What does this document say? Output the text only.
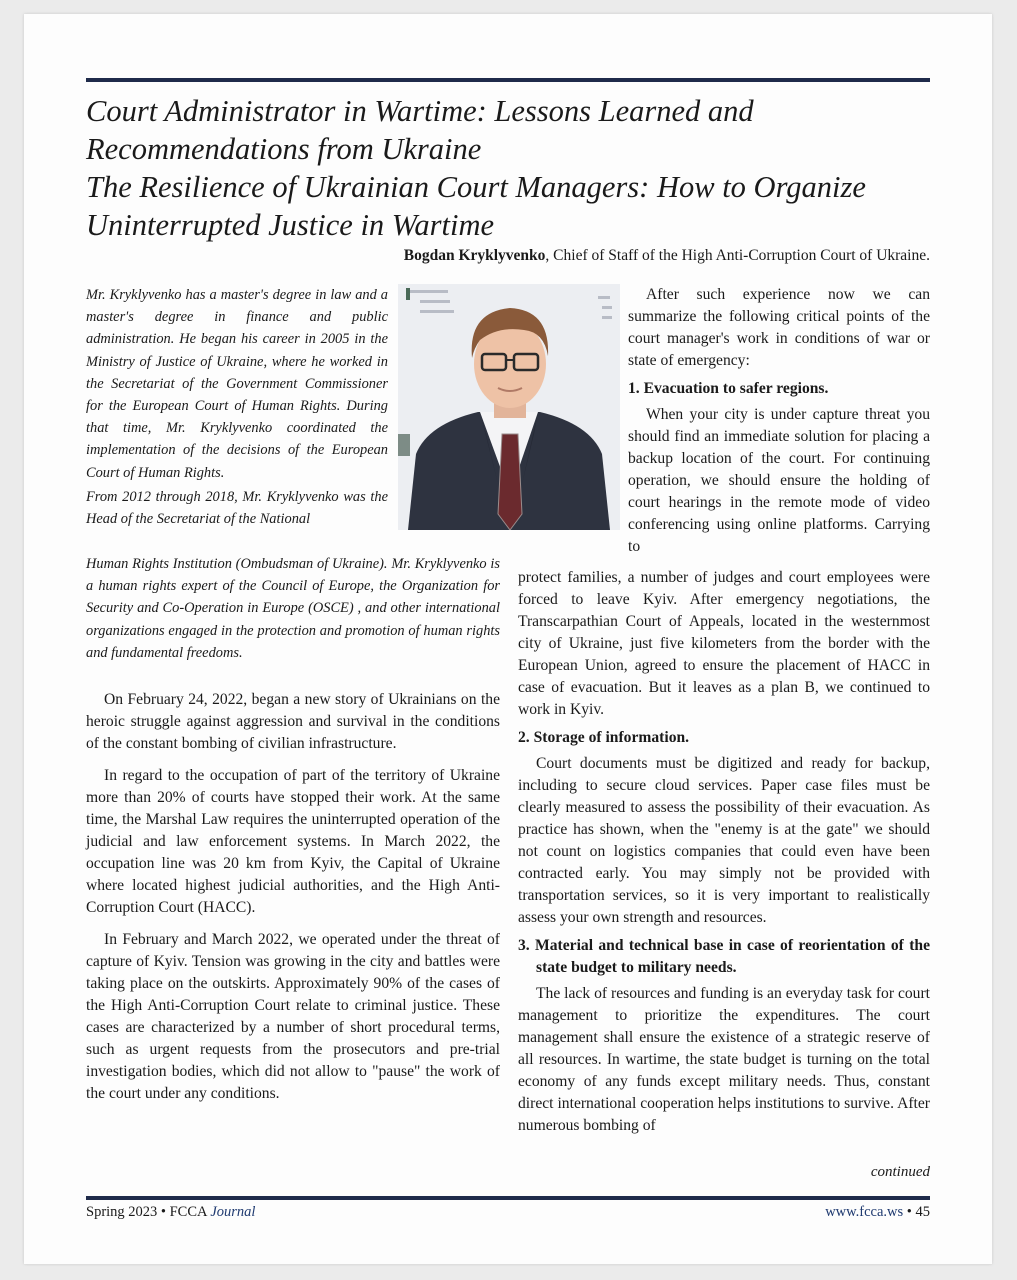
Court Administrator in Wartime: Lessons Learned and
Recommendations from Ukraine
The Resilience of Ukrainian Court Managers: How to Organize
Uninterrupted Justice in Wartime
Bogdan Kryklyvenko, Chief of Staff of the High Anti-Corruption Court of Ukraine.

Mr. Kryklyvenko has a master's degree in law and a master's degree in finance and public administration. He began his career in 2005 in the Ministry of Justice of Ukraine, where he worked in the Secretariat of the Government Commissioner for the European Court of Human Rights. During that time, Mr. Kryklyvenko coordinated the implementation of the decisions of the European Court of Human Rights.

From 2012 through 2018, Mr. Kryklyvenko was the Head of the Secretariat of the National

Human Rights Institution (Ombudsman of Ukraine). Mr. Kryklyvenko is a human rights expert of the Council of Europe, the Organization for Security and Co-Operation in Europe (OSCE) , and other international organizations engaged in the protection and promotion of human rights and fundamental freedoms.

On February 24, 2022, began a new story of Ukrainians on the heroic struggle against aggression and survival in the conditions of the constant bombing of civilian infrastructure.

In regard to the occupation of part of the territory of Ukraine more than 20% of courts have stopped their work. At the same time, the Marshal Law requires the uninterrupted operation of the judicial and law enforcement systems. In March 2022, the occupation line was 20 km from Kyiv, the Capital of Ukraine where located highest judicial authorities, and the High Anti-Corruption Court (HACC).

In February and March 2022, we operated under the threat of capture of Kyiv. Tension was growing in the city and battles were taking place on the outskirts. Approximately 90% of the cases of the High Anti-Corruption Court relate to criminal justice. These cases are characterized by a number of short procedural terms, such as urgent requests from the prosecutors and pre-trial investigation bodies, which did not allow to "pause" the work of the court under any conditions.

After such experience now we can summarize the following critical points of the court manager's work in conditions of war or state of emergency:

1. Evacuation to safer regions.

When your city is under capture threat you should find an immediate solution for placing a backup location of the court. For continuing operation, we should ensure the holding of court hearings in the remote mode of video conferencing using online platforms. Carrying to

protect families, a number of judges and court employees were forced to leave Kyiv. After emergency negotiations, the Transcarpathian Court of Appeals, located in the westernmost city of Ukraine, just five kilometers from the border with the European Union, agreed to ensure the placement of HACC in case of evacuation. But it leaves as a plan B, we continued to work in Kyiv.

2. Storage of information.

Court documents must be digitized and ready for backup, including to secure cloud services. Paper case files must be clearly measured to assess the possibility of their evacuation. As practice has shown, when the "enemy is at the gate" we should not count on logistics companies that could even have been contracted early. You may simply not be provided with transportation services, so it is very important to realistically assess your own strength and resources.

3. Material and technical base in case of reorientation of the state budget to military needs.

The lack of resources and funding is an everyday task for court management to prioritize the expenditures. The court management shall ensure the existence of a strategic reserve of all resources. In wartime, the state budget is turning on the total economy of any funds except military needs. Thus, constant direct international cooperation helps institutions to survive. After numerous bombing of

continued
Spring 2023 • FCCA Journal	www.fcca.ws • 45
